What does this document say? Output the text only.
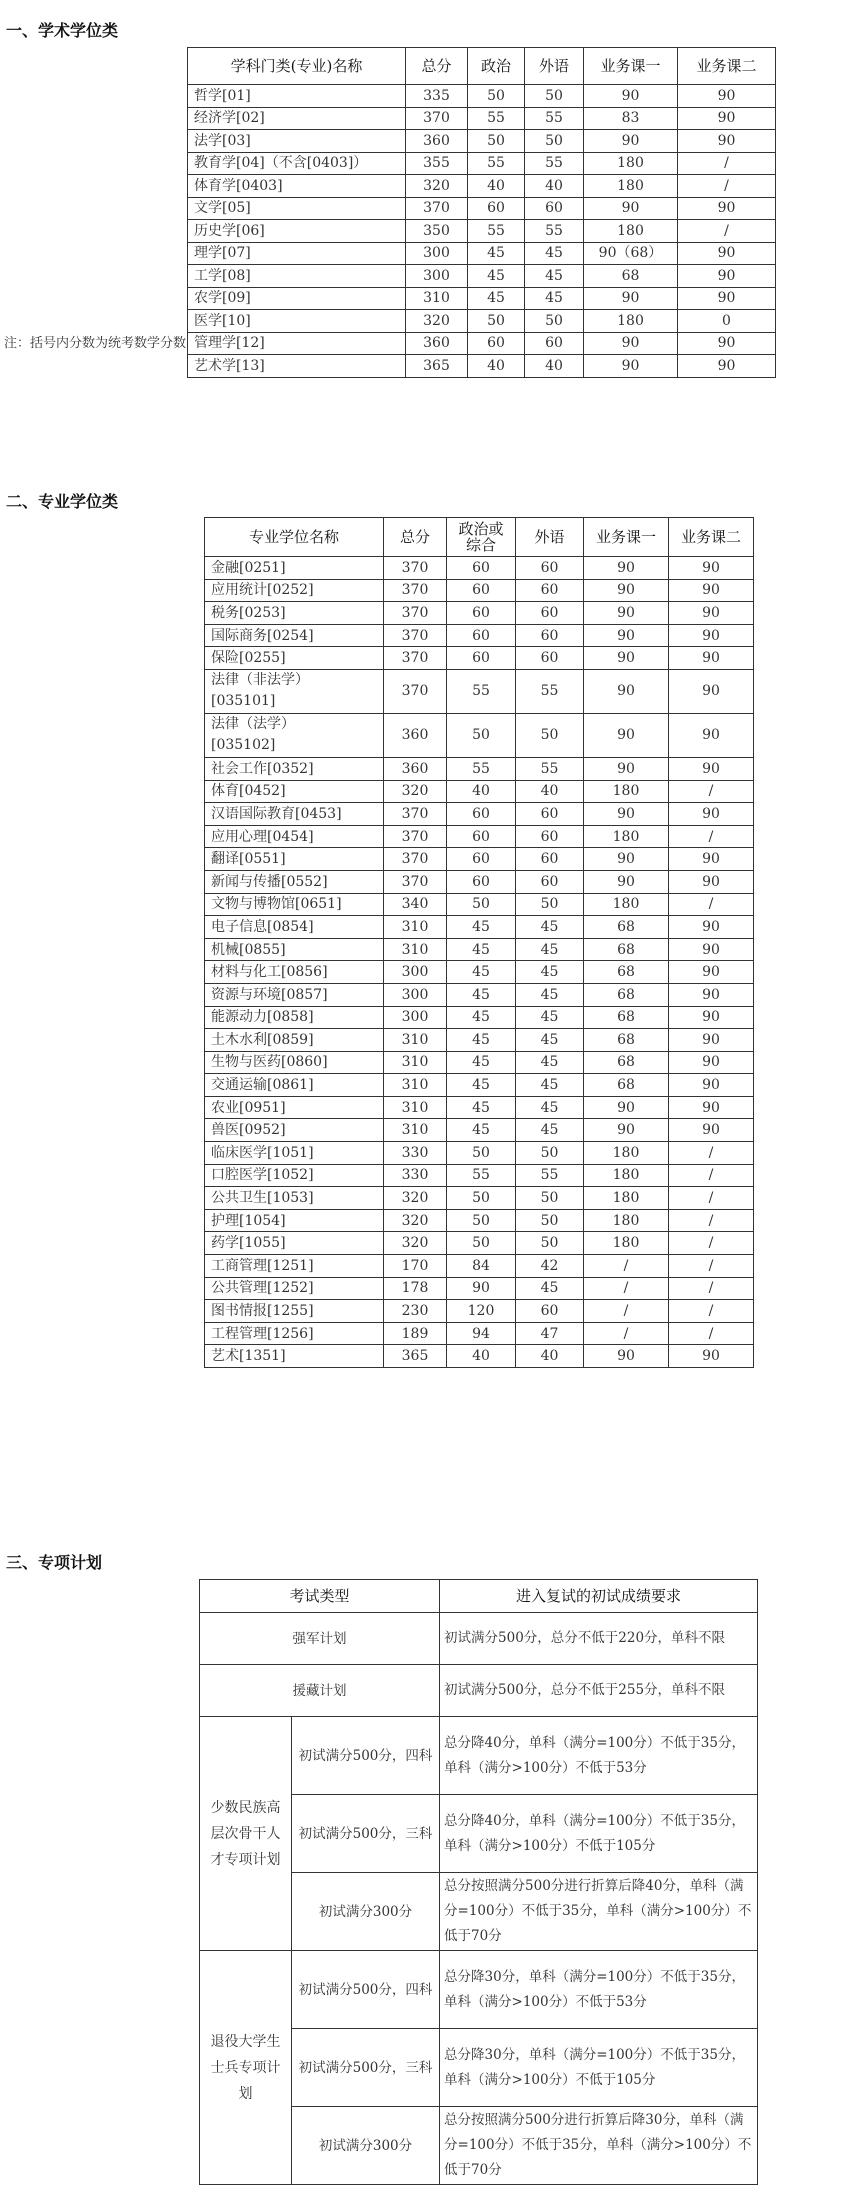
一、学术学位类
学科门类(专业)名称	总分	政治	外语	业务课一	业务课二
哲学[01]	335	50	50	90	90
经济学[02]	370	55	55	83	90
法学[03]	360	50	50	90	90
教育学[04]（不含[0403]）	355	55	55	180	/
体育学[0403]	320	40	40	180	/
文学[05]	370	60	60	90	90
历史学[06]	350	55	55	180	/
理学[07]	300	45	45	90（68）	90
工学[08]	300	45	45	68	90
农学[09]	310	45	45	90	90
医学[10]	320	50	50	180	0
管理学[12]	360	60	60	90	90
艺术学[13]	365	40	40	90	90
注：括号内分数为统考数学分数
二、专业学位类
专业学位名称	总分	政治或综合	外语	业务课一	业务课二
金融[0251]	370	60	60	90	90
应用统计[0252]	370	60	60	90	90
税务[0253]	370	60	60	90	90
国际商务[0254]	370	60	60	90	90
保险[0255]	370	60	60	90	90
法律（非法学）[035101]	370	55	55	90	90
法律（法学）[035102]	360	50	50	90	90
社会工作[0352]	360	55	55	90	90
体育[0452]	320	40	40	180	/
汉语国际教育[0453]	370	60	60	90	90
应用心理[0454]	370	60	60	180	/
翻译[0551]	370	60	60	90	90
新闻与传播[0552]	370	60	60	90	90
文物与博物馆[0651]	340	50	50	180	/
电子信息[0854]	310	45	45	68	90
机械[0855]	310	45	45	68	90
材料与化工[0856]	300	45	45	68	90
资源与环境[0857]	300	45	45	68	90
能源动力[0858]	300	45	45	68	90
土木水利[0859]	310	45	45	68	90
生物与医药[0860]	310	45	45	68	90
交通运输[0861]	310	45	45	68	90
农业[0951]	310	45	45	90	90
兽医[0952]	310	45	45	90	90
临床医学[1051]	330	50	50	180	/
口腔医学[1052]	330	55	55	180	/
公共卫生[1053]	320	50	50	180	/
护理[1054]	320	50	50	180	/
药学[1055]	320	50	50	180	/
工商管理[1251]	170	84	42	/	/
公共管理[1252]	178	90	45	/	/
图书情报[1255]	230	120	60	/	/
工程管理[1256]	189	94	47	/	/
艺术[1351]	365	40	40	90	90
三、专项计划
考试类型		进入复试的初试成绩要求
强军计划		初试满分500分，总分不低于220分，单科不限
援藏计划		初试满分500分，总分不低于255分，单科不限
少数民族高层次骨干人才专项计划	初试满分500分，四科	总分降40分，单科（满分=100分）不低于35分，单科（满分>100分）不低于53分
	初试满分500分，三科	总分降40分，单科（满分=100分）不低于35分，单科（满分>100分）不低于105分
	初试满分300分	总分按照满分500分进行折算后降40分，单科（满分=100分）不低于35分，单科（满分>100分）不低于70分
退役大学生士兵专项计划	初试满分500分，四科	总分降30分，单科（满分=100分）不低于35分，单科（满分>100分）不低于53分
	初试满分500分，三科	总分降30分，单科（满分=100分）不低于35分，单科（满分>100分）不低于105分
	初试满分300分	总分按照满分500分进行折算后降30分，单科（满分=100分）不低于35分，单科（满分>100分）不低于70分
